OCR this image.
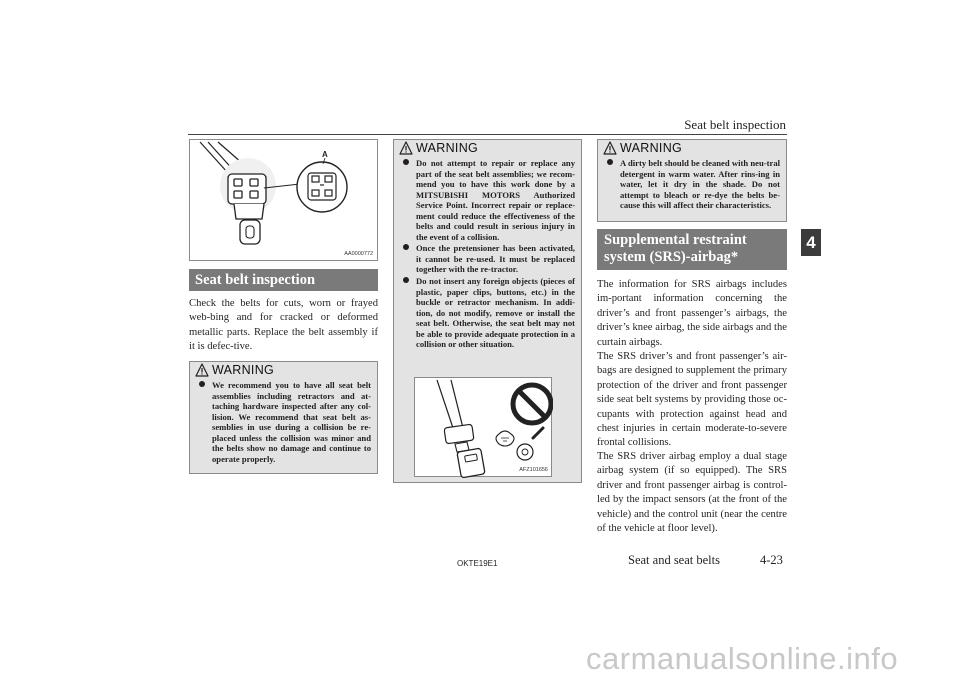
Seat belt inspection
4
A
AA0000772
Seat belt inspection
Check the belts for cuts, worn or frayed web-bing and for cracked or deformed metallic parts. Replace the belt assembly if it is defec-tive.
WARNING
We recommend you to have all seat belt assemblies including retractors and at-taching hardware inspected after any col-lision. We recommend that seat belt as-semblies in use during a collision be re-placed unless the collision was minor and the belts show no damage and continue to operate properly.
WARNING
Do not attempt to repair or replace any part of the seat belt assemblies; we recom-mend you to have this work done by a MITSUBISHI MOTORS Authorized Service Point. Incorrect repair or replace-ment could reduce the effectiveness of the belts and could result in serious injury in the event of a collision.
Once the pretensioner has been activated, it cannot be re-used. It must be replaced together with the re-tractor.
Do not insert any foreign objects (pieces of plastic, paper clips, buttons, etc.) in the buckle or retractor mechanism. In addi-tion, do not modify, remove or install the seat belt. Otherwise, the seat belt may not be able to provide adequate protection in a collision or other situation.
AFZ101656
WARNING
A dirty belt should be cleaned with neu-tral detergent in warm water. After rins-ing in water, let it dry in the shade. Do not attempt to bleach or re-dye the belts be-cause this will affect their characteristics.
Supplemental restraint system (SRS)-airbag*
The information for SRS airbags includes im-portant information concerning the driver’s and front passenger’s airbags, the driver’s knee airbag, the side airbags and the curtain airbags.
The SRS driver’s and front passenger’s air-bags are designed to supplement the primary protection of the driver and front passenger side seat belt systems by providing those oc-cupants with protection against head and chest injuries in certain moderate-to-severe frontal collisions.
The SRS driver airbag employ a dual stage airbag system (if so equipped). The SRS driver and front passenger airbag is control-led by the impact sensors (at the front of the vehicle) and the control unit (near the centre of the vehicle at floor level).
OKTE19E1	Seat and seat belts	4-23
carmanualsonline.info
